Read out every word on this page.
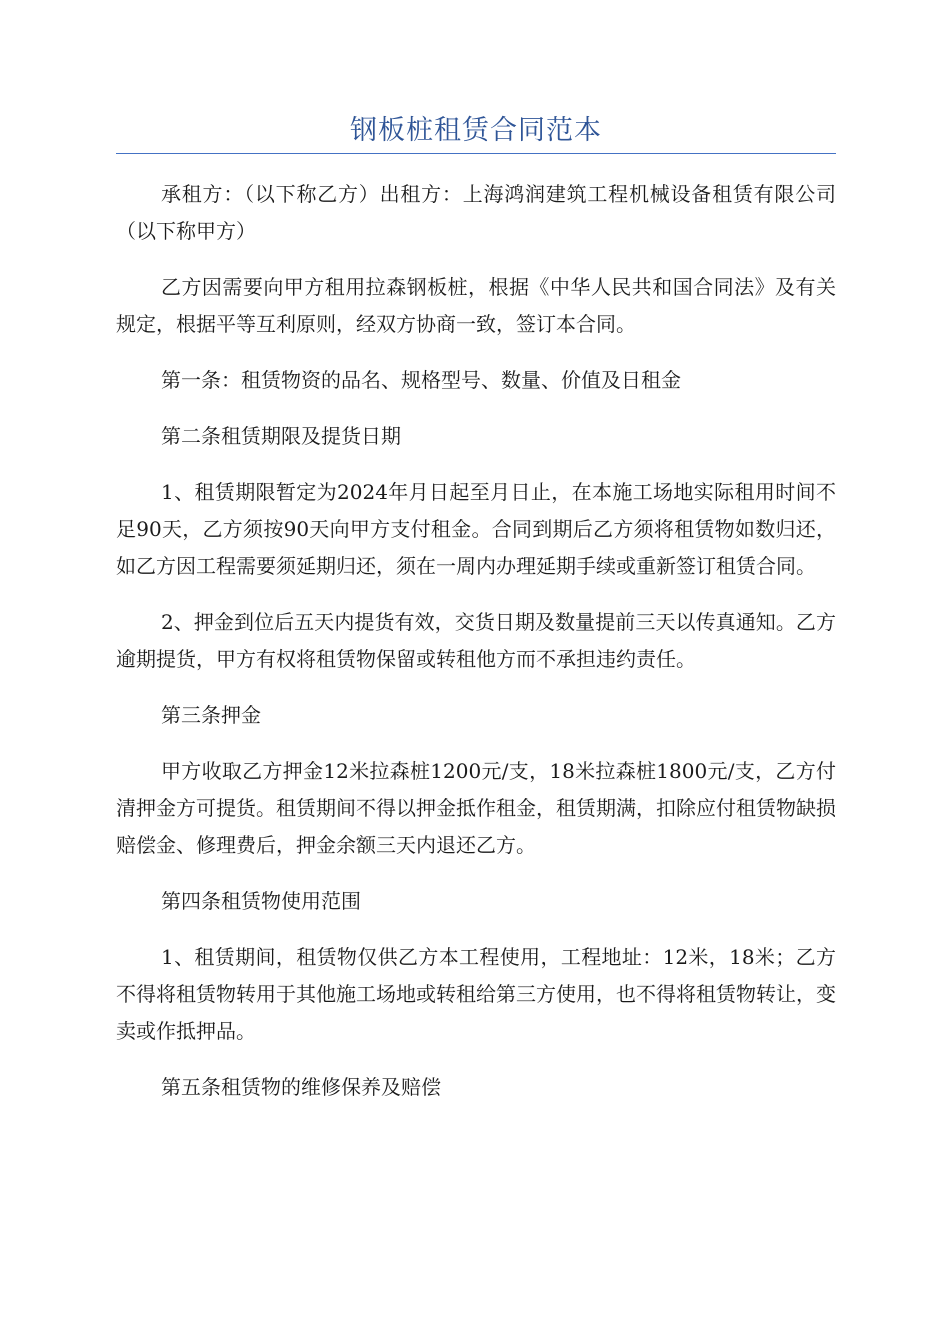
钢板桩租赁合同范本

承租方：（以下称乙方）出租方：上海鸿润建筑工程机械设备租赁有限公司（以下称甲方）

乙方因需要向甲方租用拉森钢板桩，根据《中华人民共和国合同法》及有关规定，根据平等互利原则，经双方协商一致，签订本合同。

第一条：租赁物资的品名、规格型号、数量、价值及日租金

第二条租赁期限及提货日期

1、租赁期限暂定为2024年月日起至月日止，在本施工场地实际租用时间不足90天，乙方须按90天向甲方支付租金。合同到期后乙方须将租赁物如数归还，如乙方因工程需要须延期归还，须在一周内办理延期手续或重新签订租赁合同。

2、押金到位后五天内提货有效，交货日期及数量提前三天以传真通知。乙方逾期提货，甲方有权将租赁物保留或转租他方而不承担违约责任。

第三条押金

甲方收取乙方押金12米拉森桩1200元/支，18米拉森桩1800元/支，乙方付清押金方可提货。租赁期间不得以押金抵作租金，租赁期满，扣除应付租赁物缺损赔偿金、修理费后，押金余额三天内退还乙方。

第四条租赁物使用范围

1、租赁期间，租赁物仅供乙方本工程使用，工程地址：12米，18米；乙方不得将租赁物转用于其他施工场地或转租给第三方使用，也不得将租赁物转让，变卖或作抵押品。

第五条租赁物的维修保养及赔偿
